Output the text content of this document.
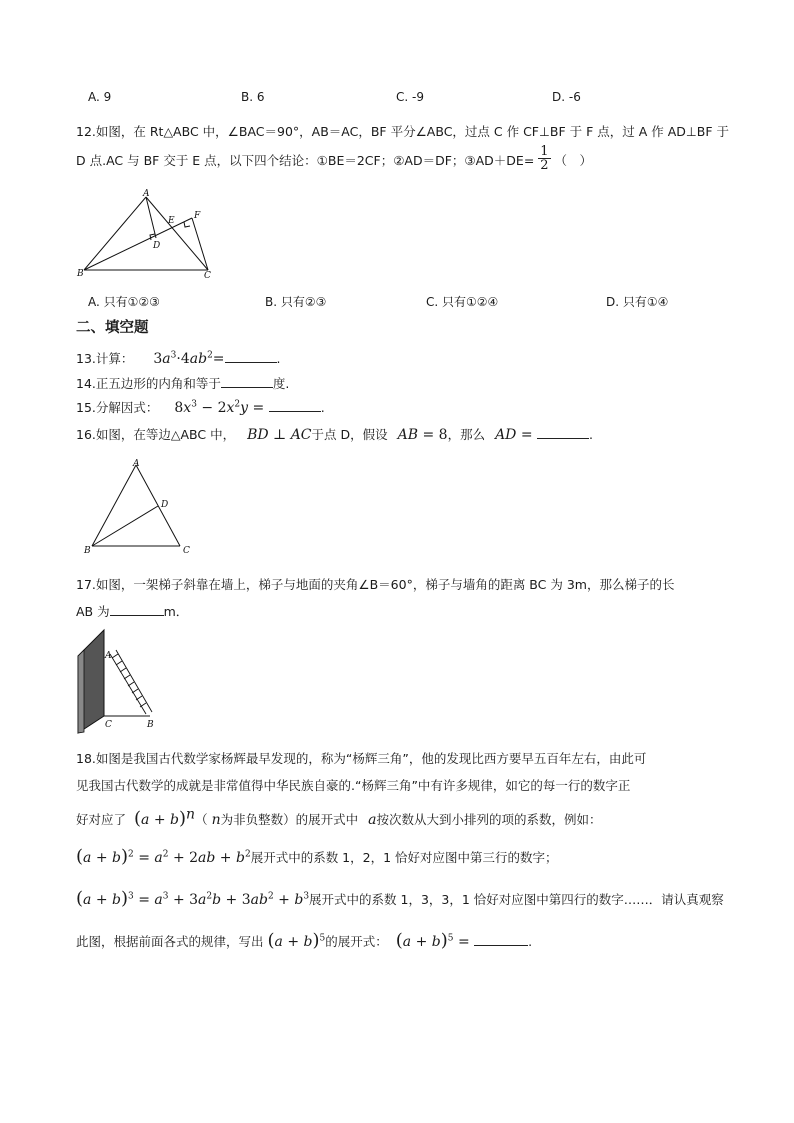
A. 9	B. 6	C. -9	D. -6
12.如图，在 Rt△ABC 中，∠BAC＝90°，AB＝AC，BF 平分∠ABC，过点 C 作 CF⊥BF 于 F 点，过 A 作 AD⊥BF 于
D 点.AC 与 BF 交于 E 点，以下四个结论：①BE＝2CF；②AD＝DF；③AD＋DE= $\frac{1}{2}$ （　）
A
B	C
D
E F
A. 只有①②③	B. 只有②③	C. 只有①②④	D. 只有①④
二、填空题
13.计算： $3a^3\cdot 4ab^2=$	.
14.正五边形的内角和等于	度.
15.分解因式： $8x^3 - 2x^2y$ =	.
16.如图，在等边△ABC 中， BD ⊥ AC于点 D，假设 AB = 8，那么 AD =	.
A
B	C
D
17.如图，一架梯子斜靠在墙上，梯子与地面的夹角∠B＝60°，梯子与墙角的距离 BC 为 3m，那么梯子的长
AB 为	m．
A
C	B
18.如图是我国古代数学家杨辉最早发现的，称为“杨辉三角”，他的发现比西方要早五百年左右，由此可
见我国古代数学的成就是非常值得中华民族自豪的.“杨辉三角”中有许多规律，如它的每一行的数字正
好对应了 $(a + b)^n$（ n为非负整数）的展开式中 a按次数从大到小排列的项的系数，例如：
$(a + b)^2 = a^2 + 2ab + b^2$展开式中的系数 1，2，1 恰好对应图中第三行的数字；
$(a + b)^3 = a^3 + 3a^2b + 3ab^2 + b^3$展开式中的系数 1，3，3，1 恰好对应图中第四行的数字……．请认真观察
此图，根据前面各式的规律，写出 $(a + b)^5$的展开式： $(a + b)^5$ =	.
